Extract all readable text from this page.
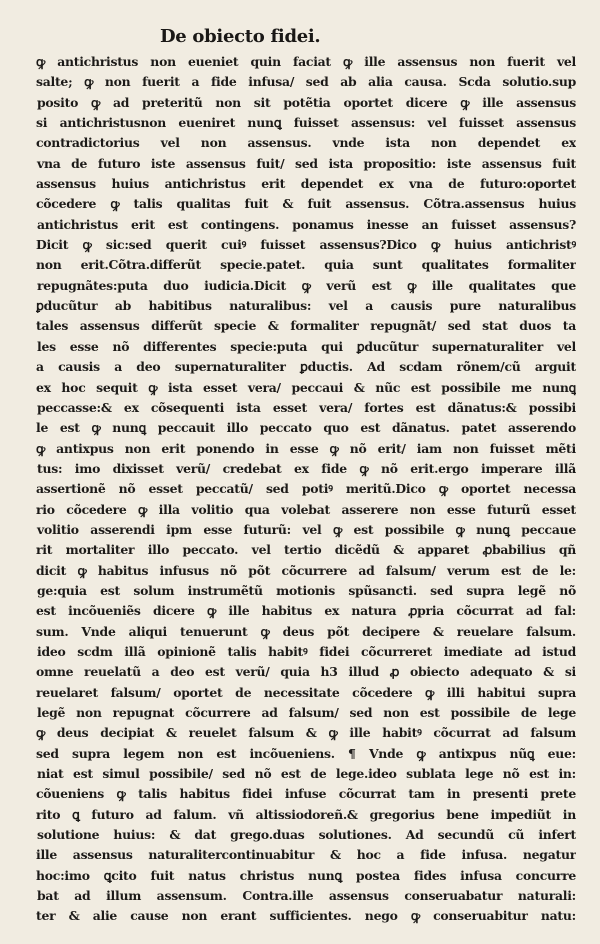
De obiecto fidei.
ꝙ antichristus non eueniet quin faciat ꝙ ille assensus non fuerit vel
salte; ꝙ non fuerit a fide infusa/ sed ab alia causa. Scda solutio.sup
posito ꝙ ad preteritũ non sit potẽtia oportet dicere ꝙ ille assensus
si antichristusnon eueniret nunꝗ fuisset assensus: vel fuisset assensus
contradictorius vel non assensus. vnde ista non dependet ex
vna de futuro iste assensus fuit/ sed ista propositio: iste assensus fuit
assensus huius antichristus erit dependet ex vna de futuro:oportet
cõcedere ꝙ talis qualitas fuit & fuit assensus. Cõtra.assensus huius
antichristus erit est contingens. ponamus inesse an fuisset assensus?
Dicit ꝙ sic:sed querit cuiꝰ fuisset assensus?Dico ꝙ huius antichristꝰ
non erit.Cõtra.differũt specie.patet. quia sunt qualitates formaliter
repugnãtes:puta duo iudicia.Dicit ꝙ verũ est ꝙ ille qualitates que
ꝑducũtur ab habitibus naturalibus: vel a causis pure naturalibus
tales assensus differũt specie & formaliter repugnãt/ sed stat duos ta
les esse nõ differentes specie:puta qui ꝑducũtur supernaturaliter vel
a causis a deo supernaturaliter ꝑductis. Ad scdam rõnem/cũ arguit
ex hoc sequit ꝙ ista esset vera/ peccaui & nũc est possibile me nunꝗ
peccasse:& ex cõsequenti ista esset vera/ fortes est dãnatus:& possibi
le est ꝙ nunꝗ peccauit illo peccato quo est dãnatus. patet asserendo
ꝙ antixpus non erit ponendo in esse ꝙ nõ erit/ iam non fuisset mẽti
tus: imo dixisset verũ/ credebat ex fide ꝙ nõ erit.ergo imperare illã
assertionẽ nõ esset peccatũ/ sed potiꝰ meritũ.Dico ꝙ oportet necessa
rio cõcedere ꝙ illa volitio qua volebat asserere non esse futurũ esset
volitio asserendi ipm esse futurũ: vel ꝙ est possibile ꝙ nunꝗ peccaue
rit mortaliter illo peccato. vel tertio dicẽdũ & apparet ꝓbabilius qñ
dicit ꝙ habitus infusus nõ põt cõcurrere ad falsum/ verum est de le:
ge:quia est solum instrumẽtũ motionis spũsancti. sed supra legẽ nõ
est incõueniẽs dicere ꝙ ille habitus ex natura ꝓpria cõcurrat ad fal:
sum. Vnde aliqui tenuerunt ꝙ deus põt decipere & reuelare falsum.
ideo scdm illã opinionẽ talis habitꝰ fidei cõcurreret imediate ad istud
omne reuelatũ a deo est verũ/ quia h3 illud ꝓ obiecto adequato & si
reuelaret falsum/ oportet de necessitate cõcedere ꝙ illi habitui supra
legẽ non repugnat cõcurrere ad falsum/ sed non est possibile de lege
ꝙ deus decipiat & reuelet falsum & ꝙ ille habitꝰ cõcurrat ad falsum
sed supra legem non est incõueniens. ¶ Vnde ꝙ antixpus nũꝗ eue:
niat est simul possibile/ sed nõ est de lege.ideo sublata lege nõ est in:
cõueniens ꝙ talis habitus fidei infuse cõcurrat tam in presenti prete
rito ꝗ futuro ad falum. vñ altissiodoreñ.& gregorius bene impediũt in
solutione huius: & dat grego.duas solutiones. Ad secundũ cũ infert
ille assensus naturalitercontinuabitur & hoc a fide infusa. negatur
hoc:imo ꝗcito fuit natus christus nunꝗ postea fides infusa concurre
bat ad illum assensum. Contra.ille assensus conseruabatur naturali:
ter & alie cause non erant sufficientes. nego ꝙ conseruabitur natu:
